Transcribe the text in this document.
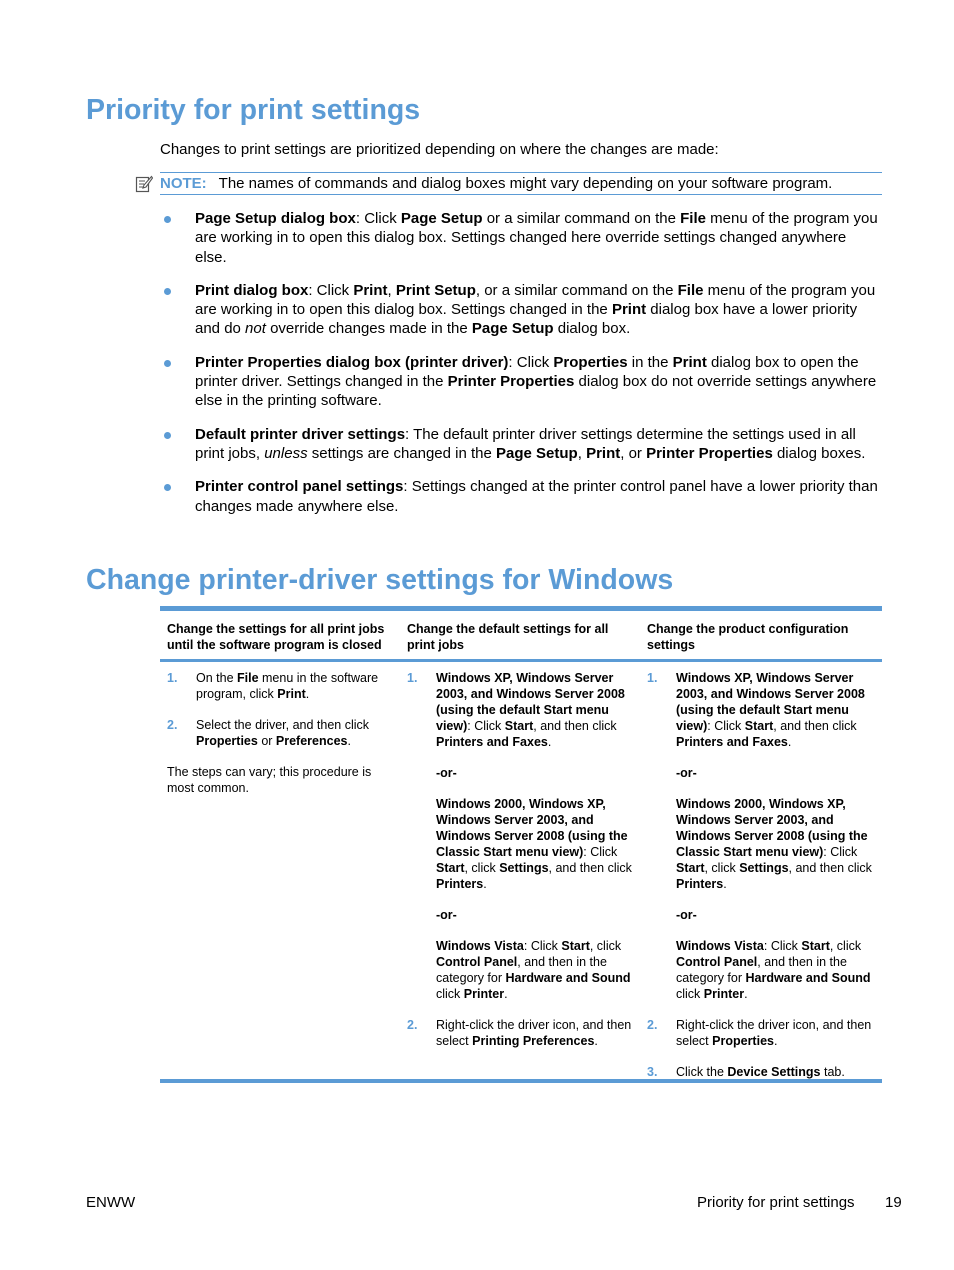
Priority for print settings
Changes to print settings are prioritized depending on where the changes are made:
NOTE: The names of commands and dialog boxes might vary depending on your software program.
Page Setup dialog box: Click Page Setup or a similar command on the File menu of the program you are working in to open this dialog box. Settings changed here override settings changed anywhere else.
Print dialog box: Click Print, Print Setup, or a similar command on the File menu of the program you are working in to open this dialog box. Settings changed in the Print dialog box have a lower priority and do not override changes made in the Page Setup dialog box.
Printer Properties dialog box (printer driver): Click Properties in the Print dialog box to open the printer driver. Settings changed in the Printer Properties dialog box do not override settings anywhere else in the printing software.
Default printer driver settings: The default printer driver settings determine the settings used in all print jobs, unless settings are changed in the Page Setup, Print, or Printer Properties dialog boxes.
Printer control panel settings: Settings changed at the printer control panel have a lower priority than changes made anywhere else.
Change printer-driver settings for Windows
Change the settings for all print jobs until the software program is closed
Change the default settings for all print jobs
Change the product configuration settings
1. On the File menu in the software program, click Print.
2. Select the driver, and then click Properties or Preferences.
The steps can vary; this procedure is most common.
1. Windows XP, Windows Server 2003, and Windows Server 2008 (using the default Start menu view): Click Start, and then click Printers and Faxes.
-or-
Windows 2000, Windows XP, Windows Server 2003, and Windows Server 2008 (using the Classic Start menu view): Click Start, click Settings, and then click Printers.
-or-
Windows Vista: Click Start, click Control Panel, and then in the category for Hardware and Sound click Printer.
2. Right-click the driver icon, and then select Printing Preferences.
1. Windows XP, Windows Server 2003, and Windows Server 2008 (using the default Start menu view): Click Start, and then click Printers and Faxes.
-or-
Windows 2000, Windows XP, Windows Server 2003, and Windows Server 2008 (using the Classic Start menu view): Click Start, click Settings, and then click Printers.
-or-
Windows Vista: Click Start, click Control Panel, and then in the category for Hardware and Sound click Printer.
2. Right-click the driver icon, and then select Properties.
3. Click the Device Settings tab.
ENWW	Priority for print settings 19
